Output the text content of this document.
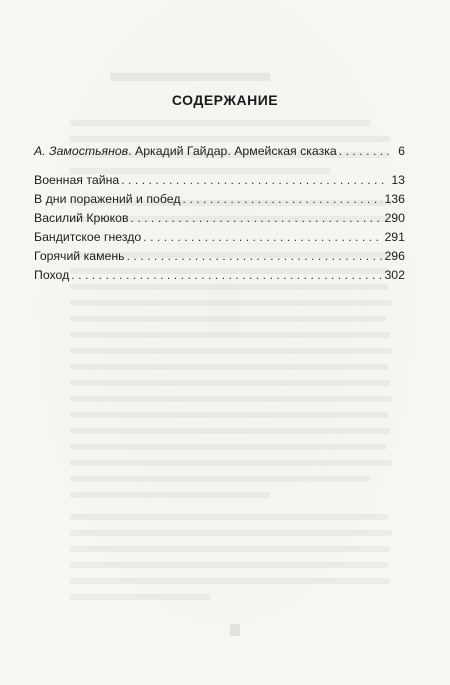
СОДЕРЖАНИЕ
А. Замостьянов. Аркадий Гайдар. Армейская сказка . . .	6
Военная тайна . . .	13
В дни поражений и побед . . .	136
Василий Крюков . . .	290
Бандитское гнездо . . .	291
Горячий камень . . .	296
Поход . . .	302
